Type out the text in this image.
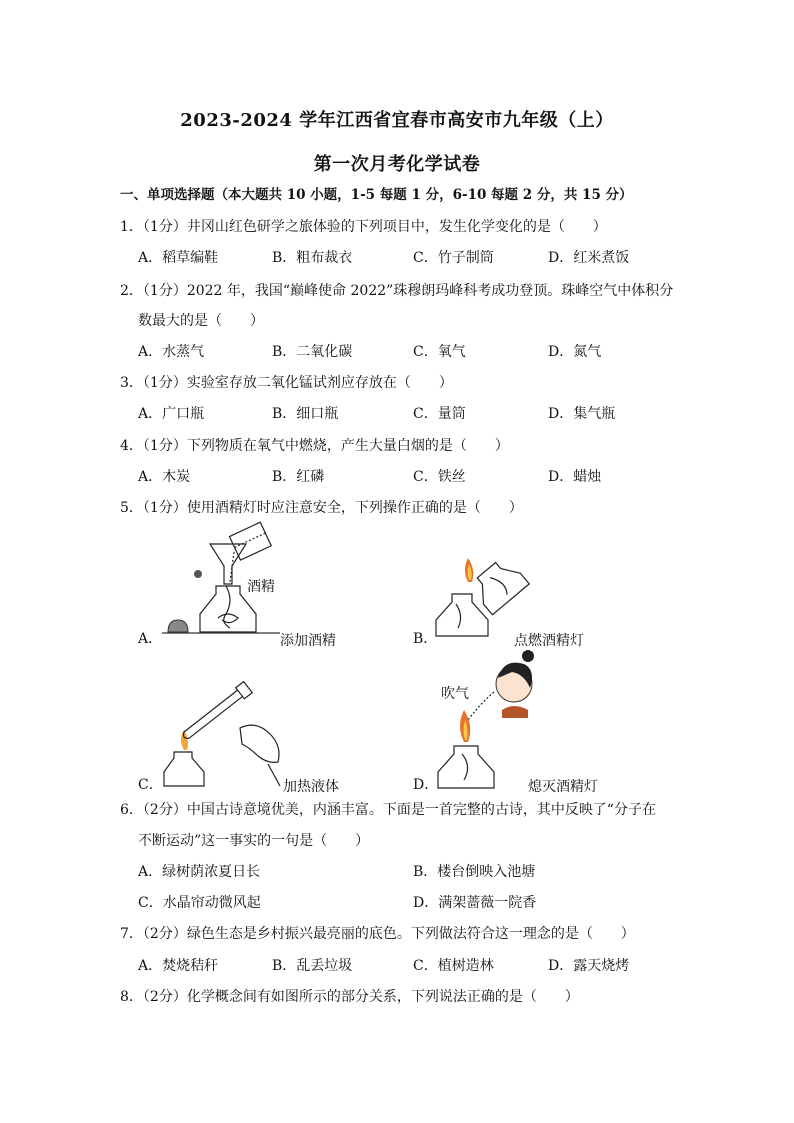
2023-2024 学年江西省宜春市高安市九年级（上）
第一次月考化学试卷
一、单项选择题（本大题共 10 小题，1-5 每题 1 分，6-10 每题 2 分，共 15 分）
1．（1分）井冈山红色研学之旅体验的下列项目中，发生化学变化的是（　　）
A．稻草编鞋	B．粗布裁衣	C．竹子制筒	D．红米煮饭
2．（1分）2022 年，我国“巅峰使命 2022”珠穆朗玛峰科考成功登顶。珠峰空气中体积分
数最大的是（　　）
A．水蒸气	B．二氧化碳	C．氧气	D．氮气
3．（1分）实验室存放二氧化锰试剂应存放在（　　）
A．广口瓶	B．细口瓶	C．量筒	D．集气瓶
4．（1分）下列物质在氧气中燃烧，产生大量白烟的是（　　）
A．木炭	B．红磷	C．铁丝	D．蜡烛
5．（1分）使用酒精灯时应注意安全，下列操作正确的是（　　）
A．
酒精
添加酒精	B．	点燃酒精灯
C．	加热液体	D．
吹气
熄灭酒精灯
6．（2分）中国古诗意境优美，内涵丰富。下面是一首完整的古诗，其中反映了“分子在
不断运动”这一事实的一句是（　　）
A．绿树荫浓夏日长	B．楼台倒映入池塘
C．水晶帘动微风起	D．满架蔷薇一院香
7．（2分）绿色生态是乡村振兴最亮丽的底色。下列做法符合这一理念的是（　　）
A．焚烧秸秆	B．乱丢垃圾	C．植树造林	D．露天烧烤
8．（2分）化学概念间有如图所示的部分关系，下列说法正确的是（　　）
